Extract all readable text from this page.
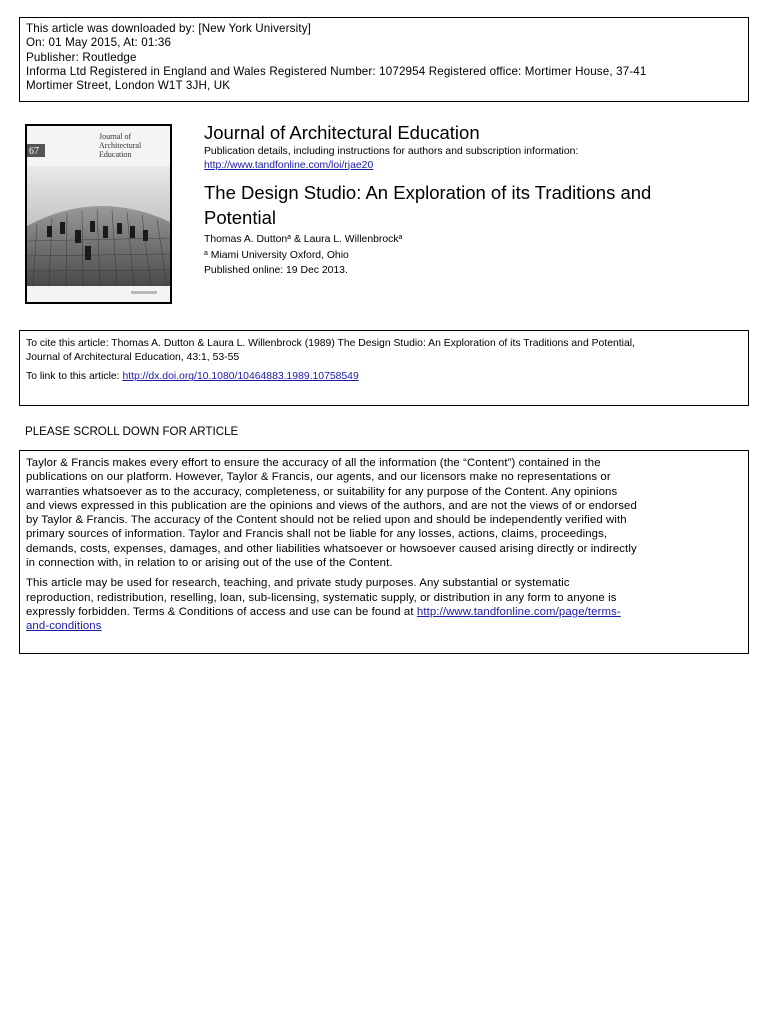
This article was downloaded by: [New York University]
On: 01 May 2015, At: 01:36
Publisher: Routledge
Informa Ltd Registered in England and Wales Registered Number: 1072954 Registered office: Mortimer House, 37-41
Mortimer Street, London W1T 3JH, UK
67
Journal of
Architectural
Education
Journal of Architectural Education
Publication details, including instructions for authors and subscription information:
http://www.tandfonline.com/loi/rjae20
The Design Studio: An Exploration of its Traditions and Potential
Thomas A. Dutton$^a$ & Laura L. Willenbrock$^a$
$^a$ Miami University Oxford, Ohio
Published online: 19 Dec 2013.
To cite this article: Thomas A. Dutton & Laura L. Willenbrock (1989) The Design Studio: An Exploration of its Traditions and Potential,
Journal of Architectural Education, 43:1, 53-55
To link to this article: http://dx.doi.org/10.1080/10464883.1989.10758549
PLEASE SCROLL DOWN FOR ARTICLE
Taylor & Francis makes every effort to ensure the accuracy of all the information (the “Content”) contained in the
publications on our platform. However, Taylor & Francis, our agents, and our licensors make no representations or
warranties whatsoever as to the accuracy, completeness, or suitability for any purpose of the Content. Any opinions
and views expressed in this publication are the opinions and views of the authors, and are not the views of or endorsed
by Taylor & Francis. The accuracy of the Content should not be relied upon and should be independently verified with
primary sources of information. Taylor and Francis shall not be liable for any losses, actions, claims, proceedings,
demands, costs, expenses, damages, and other liabilities whatsoever or howsoever caused arising directly or indirectly
in connection with, in relation to or arising out of the use of the Content.
This article may be used for research, teaching, and private study purposes. Any substantial or systematic
reproduction, redistribution, reselling, loan, sub-licensing, systematic supply, or distribution in any form to anyone is
expressly forbidden. Terms & Conditions of access and use can be found at http://www.tandfonline.com/page/terms-
and-conditions
